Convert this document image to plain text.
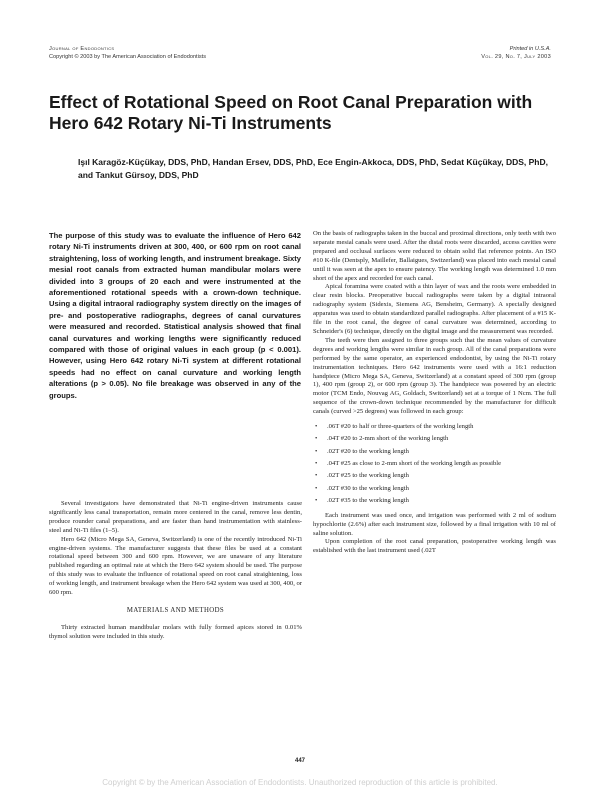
Journal of Endodontics
Copyright © 2003 by The American Association of Endodontists
Printed in U.S.A.
Vol. 29, No. 7, July 2003
Effect of Rotational Speed on Root Canal Preparation with Hero 642 Rotary Ni-Ti Instruments

Işıl Karagöz-Küçükay, DDS, PhD, Handan Ersev, DDS, PhD, Ece Engin-Akkoca, DDS, PhD, Sedat Küçükay, DDS, PhD, and Tankut Gürsoy, DDS, PhD

The purpose of this study was to evaluate the influence of Hero 642 rotary Ni-Ti instruments driven at 300, 400, or 600 rpm on root canal straightening, loss of working length, and instrument breakage. Sixty mesial root canals from extracted human mandibular molars were divided into 3 groups of 20 each and were instrumented at the aforementioned rotational speeds with a crown-down technique. Using a digital intraoral radiography system directly on the images of pre- and postoperative radiographs, degrees of canal curvatures were measured and recorded. Statistical analysis showed that final canal curvatures and working lengths were significantly reduced compared with those of original values in each group (p < 0.001). However, using Hero 642 rotary Ni-Ti system at different rotational speeds had no effect on canal curvature and working length alterations (p > 0.05). No file breakage was observed in any of the groups.

Several investigators have demonstrated that Ni-Ti engine-driven instruments cause significantly less canal transportation, remain more centered in the canal, remove less dentin, produce rounder canal preparations, and are faster than hand instrumentation with stainless-steel and Ni-Ti files (1–5).

Hero 642 (Micro Mega SA, Geneva, Switzerland) is one of the recently introduced Ni-Ti engine-driven systems. The manufacturer suggests that these files be used at a constant rotational speed between 300 and 600 rpm. However, we are unaware of any literature published regarding an optimal rate at which the Hero 642 system should be used. The purpose of this study was to evaluate the influence of rotational speed on root canal straightening, loss of working length, and instrument breakage when the Hero 642 system was used at 300, 400, or 600 rpm.

MATERIALS AND METHODS

Thirty extracted human mandibular molars with fully formed apices stored in 0.01% thymol solution were included in this study.

On the basis of radiographs taken in the buccal and proximal directions, only teeth with two separate mesial canals were used. After the distal roots were discarded, access cavities were prepared and occlusal surfaces were reduced to obtain solid flat reference points. An ISO #10 K-file (Dentsply, Maillefer, Ballaigues, Switzerland) was placed into each mesial canal until it was seen at the apex to ensure patency. The working length was determined 1.0 mm short of the apex and recorded for each canal.

Apical foramina were coated with a thin layer of wax and the roots were embedded in clear resin blocks. Preoperative buccal radiographs were taken by a digital intraoral radiography system (Sidexis, Siemens AG, Bensheim, Germany). A specially designed apparatus was used to obtain standardized parallel radiographs. After placement of a #15 K-file in the root canal, the degree of canal curvature was determined, according to Schneider's (6) technique, directly on the digital image and the measurement was recorded.

The teeth were then assigned to three groups such that the mean values of curvature degrees and working lengths were similar in each group. All of the canal preparations were performed by the same operator, an experienced endodontist, by using the Ni-Ti rotary instrumentation techniques. Hero 642 instruments were used with a 16:1 reduction handpiece (Micro Mega SA, Geneva, Switzerland) at a constant speed of 300 rpm (group 1), 400 rpm (group 2), or 600 rpm (group 3). The handpiece was powered by an electric motor (TCM Endo, Nouvag AG, Goldach, Switzerland) set at a torque of 1 Ncm. The full sequence of the crown-down technique recommended by the manufacturer for difficult canals (curved >25 degrees) was followed in each group:

• .06T #20 to half or three-quarters of the working length
• .04T #20 to 2-mm short of the working length
• .02T #20 to the working length
• .04T #25 as close to 2-mm short of the working length as possible
• .02T #25 to the working length
• .02T #30 to the working length
• .02T #35 to the working length

Each instrument was used once, and irrigation was performed with 2 ml of sodium hypochlorite (2.6%) after each instrument size, followed by a final irrigation with 10 ml of saline solution.

Upon completion of the root canal preparation, postoperative working length was established with the last instrument used (.02T

447
Copyright © by the American Association of Endodontists. Unauthorized reproduction of this article is prohibited.
